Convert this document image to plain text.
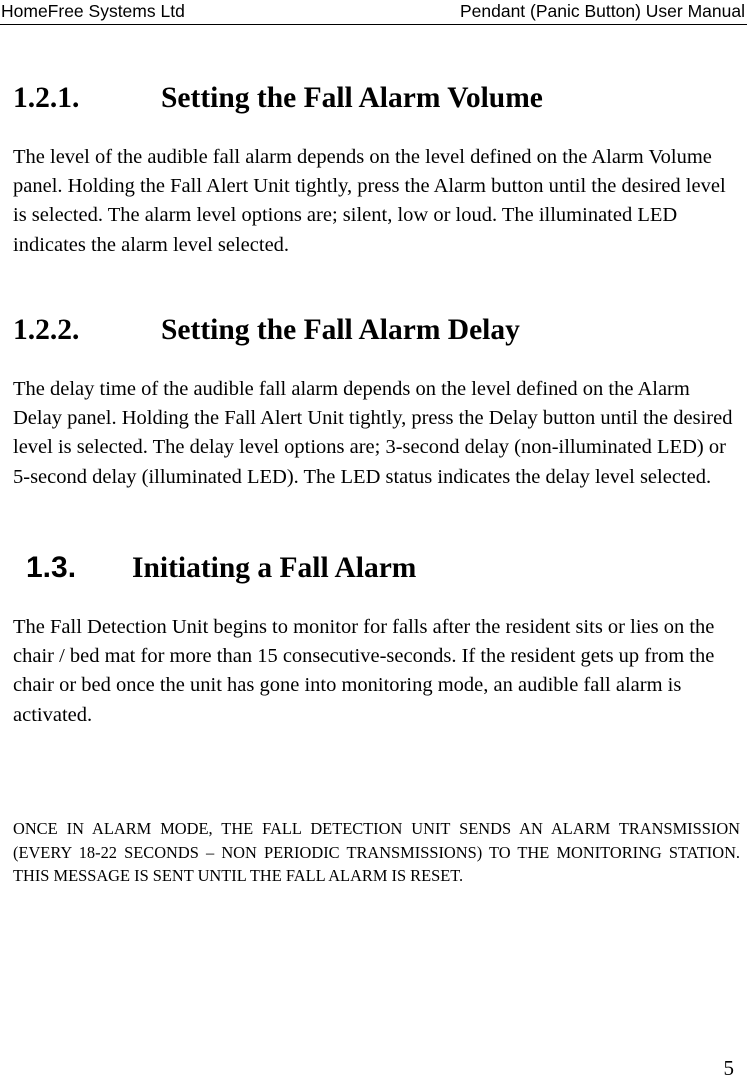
HomeFree Systems Ltd	Pendant (Panic Button) User Manual
1.2.1.	Setting the Fall Alarm Volume

The level of the audible fall alarm depends on the level defined on the Alarm Volume panel. Holding the Fall Alert Unit tightly, press the Alarm button until the desired level is selected. The alarm level options are; silent, low or loud. The illuminated LED indicates the alarm level selected.

1.2.2.	Setting the Fall Alarm Delay

The delay time of the audible fall alarm depends on the level defined on the Alarm Delay panel. Holding the Fall Alert Unit tightly, press the Delay button until the desired level is selected. The delay level options are; 3-second delay (non-illuminated LED) or 5-second delay (illuminated LED). The LED status indicates the delay level selected.

1.3. Initiating a Fall Alarm

The Fall Detection Unit begins to monitor for falls after the resident sits or lies on the chair / bed mat for more than 15 consecutive-seconds. If the resident gets up from the chair or bed once the unit has gone into monitoring mode, an audible fall alarm is activated.

ONCE IN ALARM MODE, THE FALL DETECTION UNIT SENDS AN ALARM TRANSMISSION (EVERY 18-22 SECONDS – NON PERIODIC TRANSMISSIONS) TO THE MONITORING STATION. THIS MESSAGE IS SENT UNTIL THE FALL ALARM IS RESET.

5
